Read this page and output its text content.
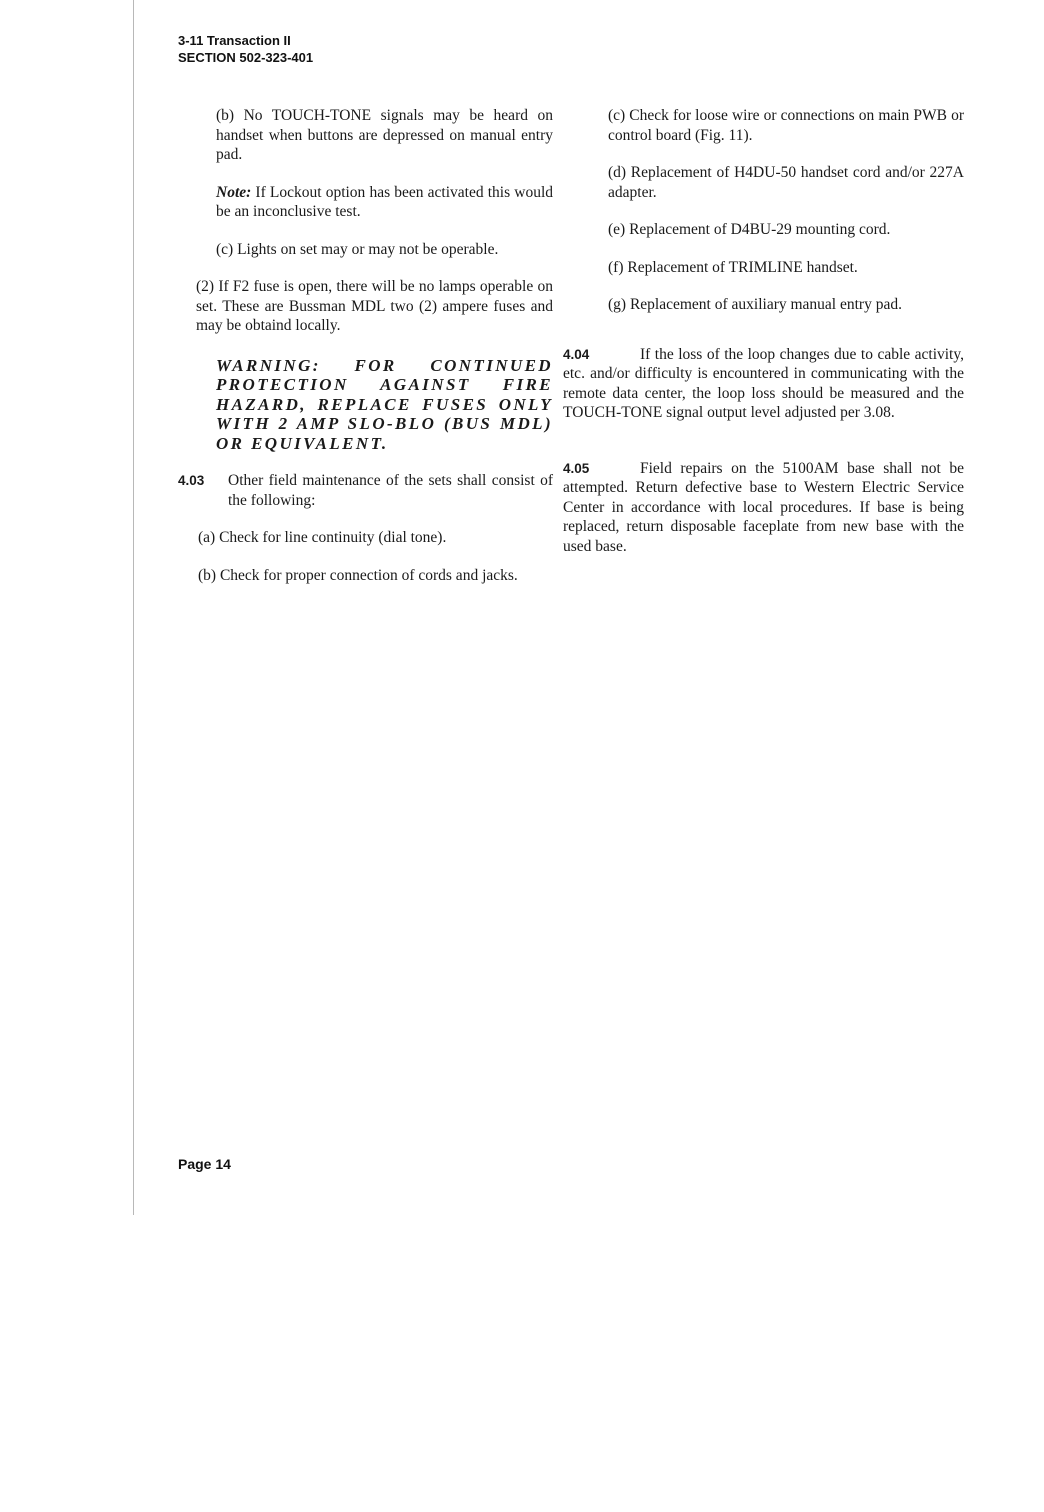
3-11 Transaction II
SECTION 502-323-401

(b) No TOUCH-TONE signals may be heard on handset when buttons are depressed on manual entry pad.

Note: If Lockout option has been activated this would be an inconclusive test.

(c) Lights on set may or may not be operable.

(2) If F2 fuse is open, there will be no lamps operable on set. These are Bussman MDL two (2) ampere fuses and may be obtaind locally.

WARNING: FOR CONTINUED PROTECTION AGAINST FIRE HAZARD, REPLACE FUSES ONLY WITH 2 AMP SLO-BLO (BUS MDL) OR EQUIVALENT.

4.03 Other field maintenance of the sets shall consist of the following:

(a) Check for line continuity (dial tone).

(b) Check for proper connection of cords and jacks.

(c) Check for loose wire or connections on main PWB or control board (Fig. 11).

(d) Replacement of H4DU-50 handset cord and/or 227A adapter.

(e) Replacement of D4BU-29 mounting cord.

(f) Replacement of TRIMLINE handset.

(g) Replacement of auxiliary manual entry pad.

4.04	If the loss of the loop changes due to cable activity, etc. and/or difficulty is encountered in communicating with the remote data center, the loop loss should be measured and the TOUCH-TONE signal output level adjusted per 3.08.

4.05	Field repairs on the 5100AM base shall not be attempted. Return defective base to Western Electric Service Center in accordance with local procedures. If base is being replaced, return disposable faceplate from new base with the used base.

Page 14
